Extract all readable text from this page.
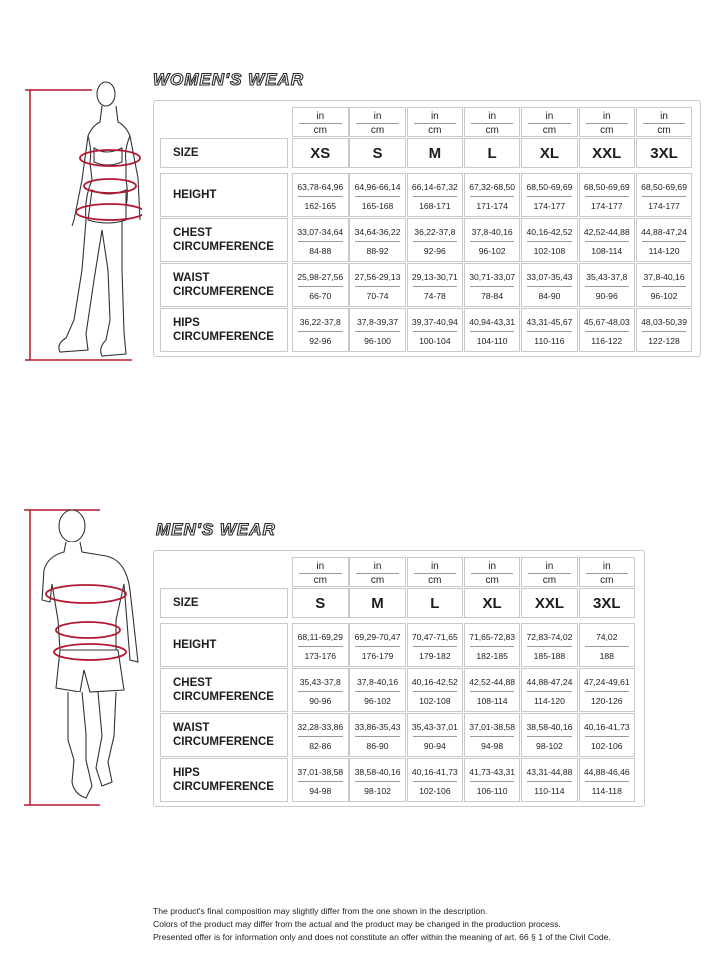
WOMEN'S WEAR
SIZE
in
cm
XS
in
cm
S
in
cm
M
in
cm
L
in
cm
XL
in
cm
XXL
in
cm
3XL
HEIGHT
63,78-64,96
162-165
64,96-66,14
165-168
66,14-67,32
168-171
67,32-68,50
171-174
68,50-69,69
174-177
68,50-69,69
174-177
68,50-69,69
174-177
CHEST
CIRCUMFERENCE
33,07-34,64
84-88
34,64-36,22
88-92
36,22-37,8
92-96
37,8-40,16
96-102
40,16-42,52
102-108
42,52-44,88
108-114
44,88-47,24
114-120
WAIST
CIRCUMFERENCE
25,98-27,56
66-70
27,56-29,13
70-74
29,13-30,71
74-78
30,71-33,07
78-84
33,07-35,43
84-90
35,43-37,8
90-96
37,8-40,16
96-102
HIPS
CIRCUMFERENCE
36,22-37,8
92-96
37,8-39,37
96-100
39,37-40,94
100-104
40,94-43,31
104-110
43,31-45,67
110-116
45,67-48,03
116-122
48,03-50,39
122-128
MEN'S WEAR
SIZE
in
cm
S
in
cm
M
in
cm
L
in
cm
XL
in
cm
XXL
in
cm
3XL
HEIGHT
68,11-69,29
173-176
69,29-70,47
176-179
70,47-71,65
179-182
71,65-72,83
182-185
72,83-74,02
185-188
74,02
188
CHEST
CIRCUMFERENCE
35,43-37,8
90-96
37,8-40,16
96-102
40,16-42,52
102-108
42,52-44,88
108-114
44,88-47,24
114-120
47,24-49,61
120-126
WAIST
CIRCUMFERENCE
32,28-33,86
82-86
33,86-35,43
86-90
35,43-37,01
90-94
37,01-38,58
94-98
38,58-40,16
98-102
40,16-41,73
102-106
HIPS
CIRCUMFERENCE
37,01-38,58
94-98
38,58-40,16
98-102
40,16-41,73
102-106
41,73-43,31
106-110
43,31-44,88
110-114
44,88-46,46
114-118
The product's final composition may slightly differ from the one shown in the description.
Colors of the product may differ from the actual and the product may be changed in the production process.
Presented offer is for information only and does not constitute an offer within the meaning of art. 66 § 1 of the Civil Code.
